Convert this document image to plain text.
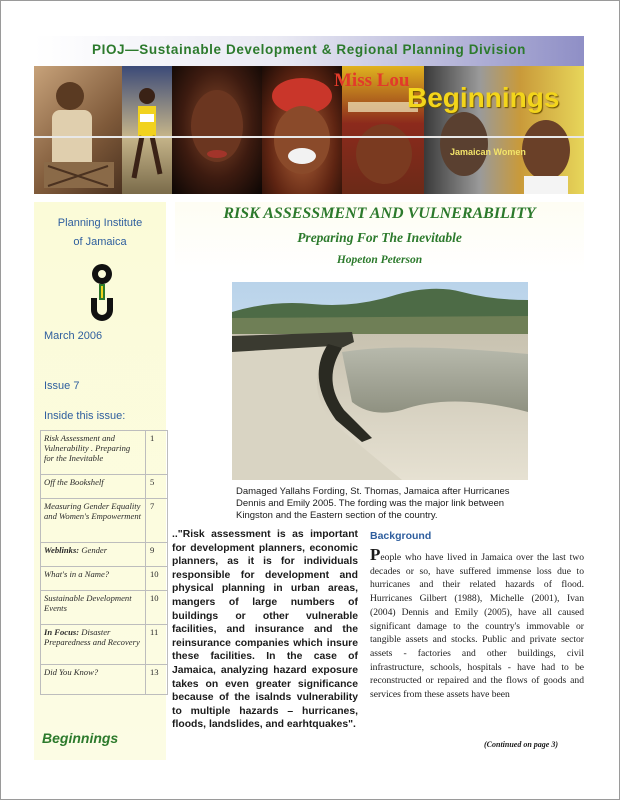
PIOJ—Sustainable Development & Regional Planning Division
Miss Lou
Beginnings
Jamaican Women
Planning Institute
of Jamaica
March 2006
Issue 7
Inside this issue:
Risk Assessment and Vulnerability . Preparing for the Inevitable	1
Off the Bookshelf	5
Measuring Gender Equality and Women's Empowerment	7
Weblinks: Gender	9
What's in a Name?	10
Sustainable Development Events	10
In Focus: Disaster Preparedness and Recovery	11
Did You Know?	13
Beginnings
RISK ASSESSMENT AND VULNERABILITY
Preparing For The Inevitable
Hopeton Peterson
Damaged Yallahs Fording, St. Thomas, Jamaica after Hurricanes Dennis and Emily 2005. The fording was the major link between Kingston and the Eastern section of the country.
.."Risk assessment is as important for development planners, economic planners, as it is for individuals responsible for development and physical planning in urban areas, mangers of large numbers of buildings or other vulnerable facilities, and insurance and the reinsurance companies which insure these facilities. In the case of Jamaica, analyzing hazard exposure takes on even greater significance because of the isalnds vulnerability to multiple hazards – hurricanes, floods, landslides, and earhtquakes".
Background
People who have lived in Jamaica over the last two decades or so, have suffered immense loss due to hurricanes and their related hazards of flood. Hurricanes Gilbert (1988), Michelle (2001), Ivan (2004) Dennis and Emily (2005), have all caused significant damage to the country's immovable or tangible assets and stocks. Public and private sector assets - factories and other buildings, civil infrastructure, schools, hospitals - have had to be reconstructed or repaired and the flows of goods and services from these assets have been
(Continued on page 3)
